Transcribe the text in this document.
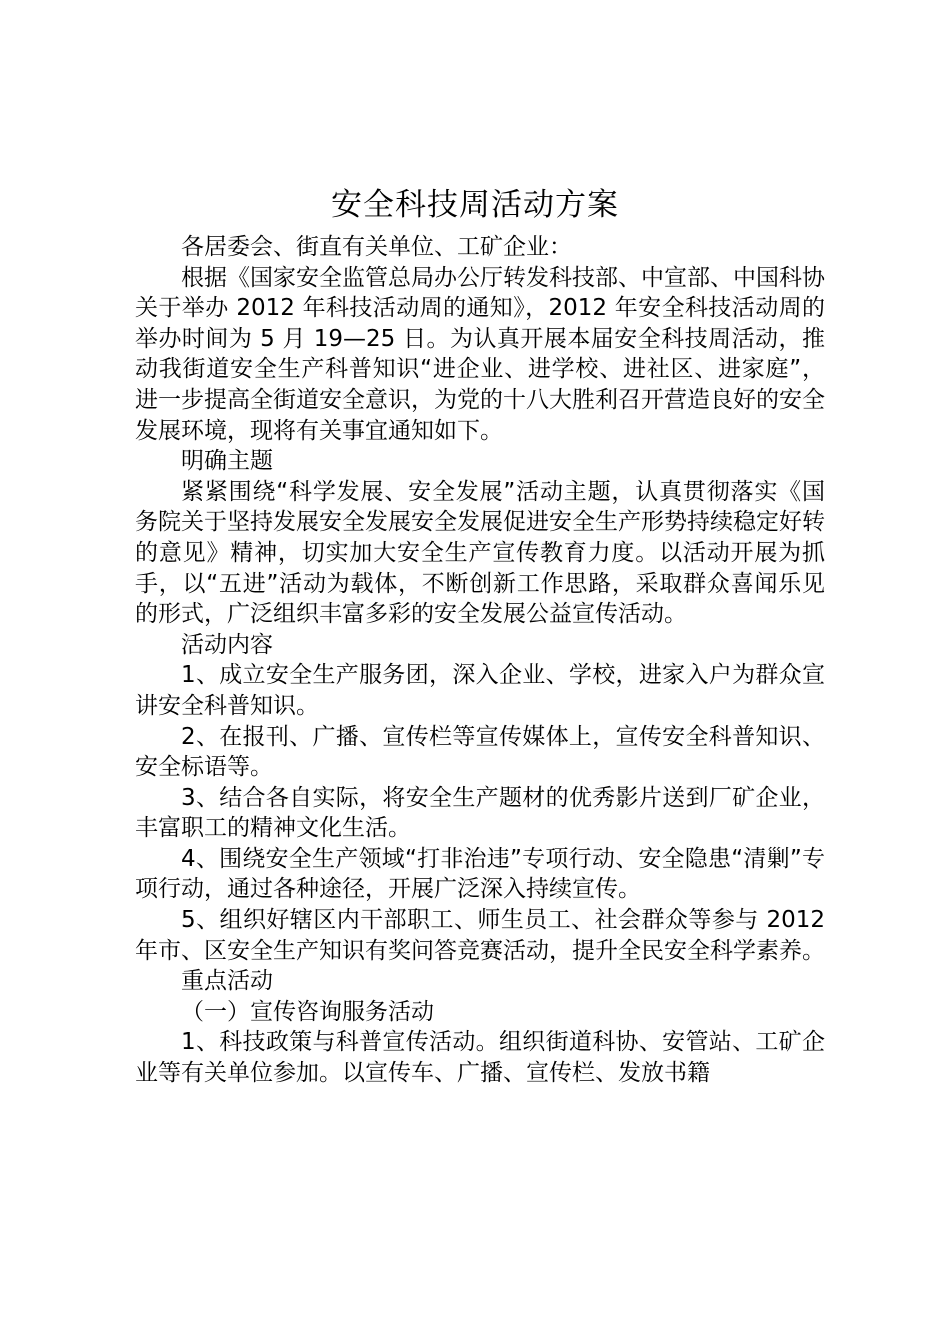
安全科技周活动方案

各居委会、街直有关单位、工矿企业：

根据《国家安全监管总局办公厅转发科技部、中宣部、中国科协关于举办 2012 年科技活动周的通知》，2012 年安全科技活动周的举办时间为 5 月 19—25 日。为认真开展本届安全科技周活动，推动我街道安全生产科普知识“进企业、进学校、进社区、进家庭”，进一步提高全街道安全意识，为党的十八大胜利召开营造良好的安全发展环境，现将有关事宜通知如下。

明确主题

紧紧围绕“科学发展、安全发展”活动主题，认真贯彻落实《国务院关于坚持发展安全发展安全发展促进安全生产形势持续稳定好转的意见》精神，切实加大安全生产宣传教育力度。以活动开展为抓手，以“五进”活动为载体，不断创新工作思路，采取群众喜闻乐见的形式，广泛组织丰富多彩的安全发展公益宣传活动。

活动内容

1、成立安全生产服务团，深入企业、学校，进家入户为群众宣讲安全科普知识。

2、在报刊、广播、宣传栏等宣传媒体上，宣传安全科普知识、安全标语等。

3、结合各自实际，将安全生产题材的优秀影片送到厂矿企业，丰富职工的精神文化生活。

4、围绕安全生产领域“打非治违”专项行动、安全隐患“清剿”专项行动，通过各种途径，开展广泛深入持续宣传。

5、组织好辖区内干部职工、师生员工、社会群众等参与 2012 年市、区安全生产知识有奖问答竞赛活动，提升全民安全科学素养。

重点活动

（一）宣传咨询服务活动

1、科技政策与科普宣传活动。组织街道科协、安管站、工矿企业等有关单位参加。以宣传车、广播、宣传栏、发放书籍
